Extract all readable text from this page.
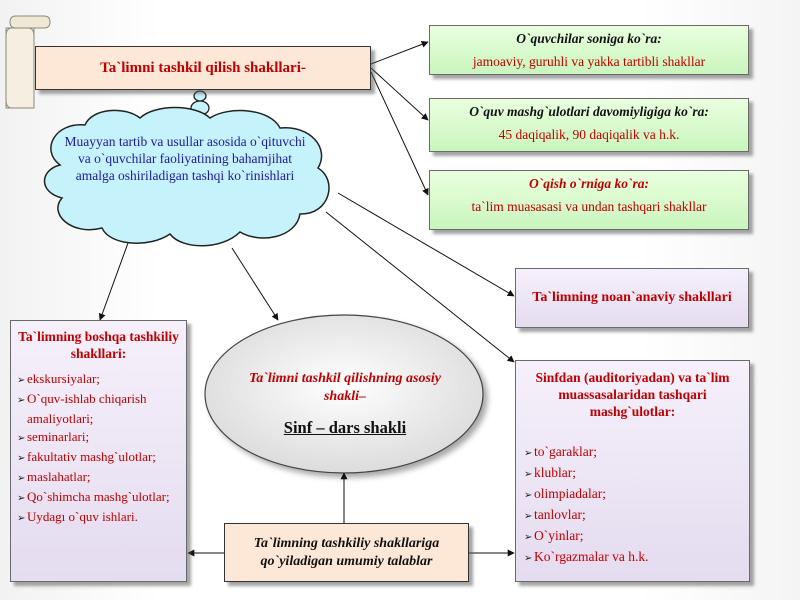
Ta`limni tashkil qilish shakllari-
Muayyan tartib va usullar asosida o`qituvchi va o`quvchilar faoliyatining bahamjihat amalga oshiriladigan tashqi ko`rinishlari
O`quvchilar soniga ko`ra:
jamoaviy, guruhli va yakka tartibli shakllar
O`quv mashg`ulotlari davomiyligiga ko`ra:
45 daqiqalik, 90 daqiqalik va h.k.
O`qish o`rniga ko`ra:
ta`lim muasasasi va undan tashqari shakllar
Ta`limning noan`anaviy shakllari
Ta`limning boshqa tashkiliy shakllari:
➢ ekskursiyalar;
➢ O`quv-ishlab chiqarish amaliyotlari;
➢ seminarlari;
➢ fakultativ mashg`ulotlar;
➢ maslahatlar;
➢ Qo`shimcha mashg`ulotlar;
➢ Uydagı o`quv ishlari.
Ta`limni tashkil qilishning asosiy shakli–
Sinf – dars shakli
Sinfdan (auditoriyadan) va ta`lim muassasalaridan tashqari mashg`ulotlar:
➢ to`garaklar;
➢ klublar;
➢ olimpiadalar;
➢ tanlovlar;
➢ O`yinlar;
➢ Ko`rgazmalar va h.k.
Ta`limning tashkiliy shakllariga qo`yiladigan umumiy talablar
